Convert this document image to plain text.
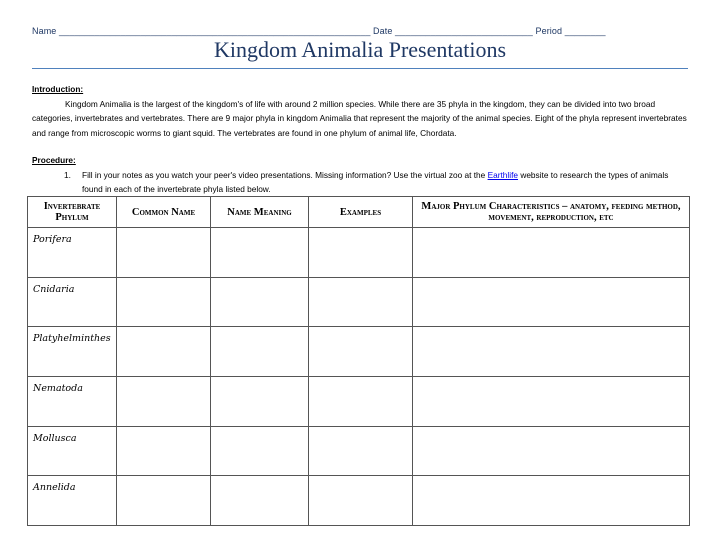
Name _____________________________________________________________ Date ___________________________ Period ________
Kingdom Animalia Presentations
Introduction:

Kingdom Animalia is the largest of the kingdom's of life with around 2 million species. While there are 35 phyla in the kingdom, they can be divided into two broad categories, invertebrates and vertebrates. There are 9 major phyla in kingdom Animalia that represent the majority of the animal species. Eight of the phyla represent invertebrates and range from microscopic worms to giant squid. The vertebrates are found in one phylum of animal life, Chordata.

Procedure:

1. Fill in your notes as you watch your peer's video presentations. Missing information? Use the virtual zoo at the Earthlife website to research the types of animals found in each of the invertebrate phyla listed below.

Invertebrate Phylum	Common Name	Name Meaning	Examples	Major Phylum Characteristics – anatomy, feeding method, movement, reproduction, etc

Porifera				

Cnidaria				

Platyhelminthes				

Nematoda				

Mollusca				

Annelida				
